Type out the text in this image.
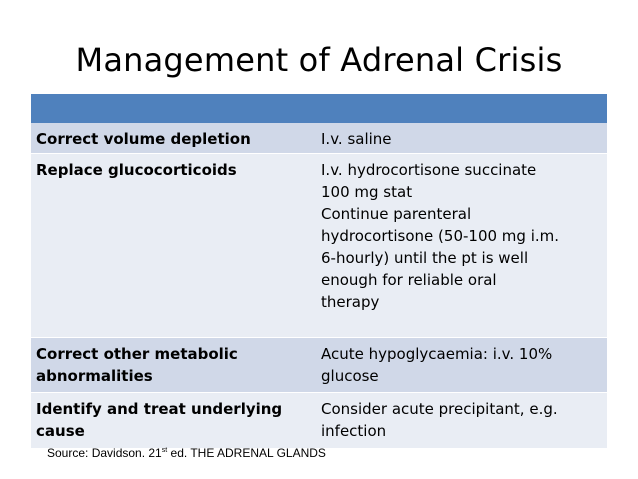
Management of Adrenal Crisis
Correct volume depletion	I.v. saline
Replace glucocorticoids	I.v. hydrocortisone succinate
100 mg stat
Continue parenteral
hydrocortisone (50-100 mg i.m.
6-hourly) until the pt is well
enough for reliable oral
therapy
Correct other metabolic
abnormalities
Acute hypoglycaemia: i.v. 10%
glucose
Identify and treat underlying
cause
Consider acute precipitant, e.g.
infection
Source: Davidson. 21st ed. THE ADRENAL GLANDS
